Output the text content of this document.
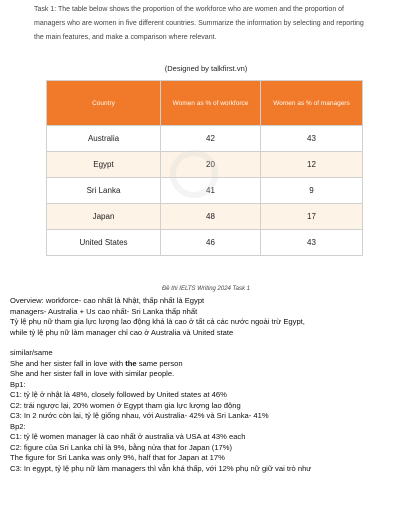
Task 1: The table below shows the proportion of the workforce who are women and the proportion of managers who are women in five different countries. Summarize the information by selecting and reporting the main features, and make a comparison where relevant.

(Designed by talkfirst.vn)
Country	Women as % of workforce	Women as % of managers
Australia	42	43
Egypt	20	12
Sri Lanka	41	9
Japan	48	17
United States	46	43
Đề thi IELTS Writing 2024 Task 1
Overview: workforce- cao nhất là Nhật, thấp nhất là Egypt
managers- Australia + Us cao nhất- Sri Lanka thấp nhất
Tỷ lệ phụ nữ tham gia lực lượng lao động khá là cao ở tất cả các nước ngoài trừ Egypt,
while tỷ lệ phụ nữ làm manager chỉ cao ở Australia và United state
similar/same
She and her sister fall in love with the same person
She and her sister fall in love with similar people.
Bp1:
C1: tỷ lệ ở nhật là 48%, closely followed by United states at 46%
C2: trái ngược lại, 20% women ở Egypt tham gia lực lượng lao động
C3: In 2 nước còn lại, tỷ lệ giống nhau, với Australia- 42% và Sri Lanka- 41%
Bp2:
C1: tỷ lệ women manager là cao nhất ở australia và USA at 43% each
C2: figure của Sri Lanka chỉ là 9%, bằng nửa that for Japan (17%)
The figure for Sri Lanka was only 9%, half that for Japan at 17%
C3: In egypt, tỷ lệ phụ nữ làm managers thì vẫn khá thấp, với 12% phụ nữ giữ vai trò như
